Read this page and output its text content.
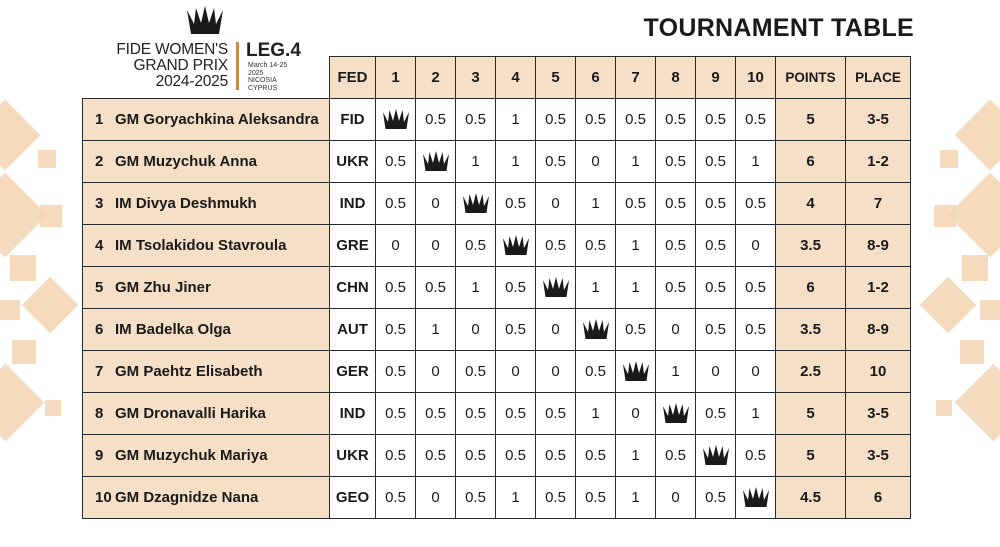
FIDE WOMEN'S
GRAND PRIX
2024-2025
LEG.4
March 14-25
2025
NICOSIA
CYPRUS
TOURNAMENT TABLE
	FED	1	2	3	4	5	6	7	8	9	10	POINTS	PLACE
1 GM Goryachkina Aleksandra	FID		0.5	0.5	1	0.5	0.5	0.5	0.5	0.5	0.5	5	3-5
2 GM Muzychuk Anna	UKR	0.5		1	1	0.5	0	1	0.5	0.5	1	6	1-2
3 IM Divya Deshmukh	IND	0.5	0		0.5	0	1	0.5	0.5	0.5	0.5	4	7
4 IM Tsolakidou Stavroula	GRE	0	0	0.5		0.5	0.5	1	0.5	0.5	0	3.5	8-9
5 GM Zhu Jiner	CHN	0.5	0.5	1	0.5		1	1	0.5	0.5	0.5	6	1-2
6 IM Badelka Olga	AUT	0.5	1	0	0.5	0		0.5	0	0.5	0.5	3.5	8-9
7 GM Paehtz Elisabeth	GER	0.5	0	0.5	0	0	0.5		1	0	0	2.5	10
8 GM Dronavalli Harika	IND	0.5	0.5	0.5	0.5	0.5	1	0		0.5	1	5	3-5
9 GM Muzychuk Mariya	UKR	0.5	0.5	0.5	0.5	0.5	0.5	1	0.5		0.5	5	3-5
10 GM Dzagnidze Nana	GEO	0.5	0	0.5	1	0.5	0.5	1	0	0.5		4.5	6
